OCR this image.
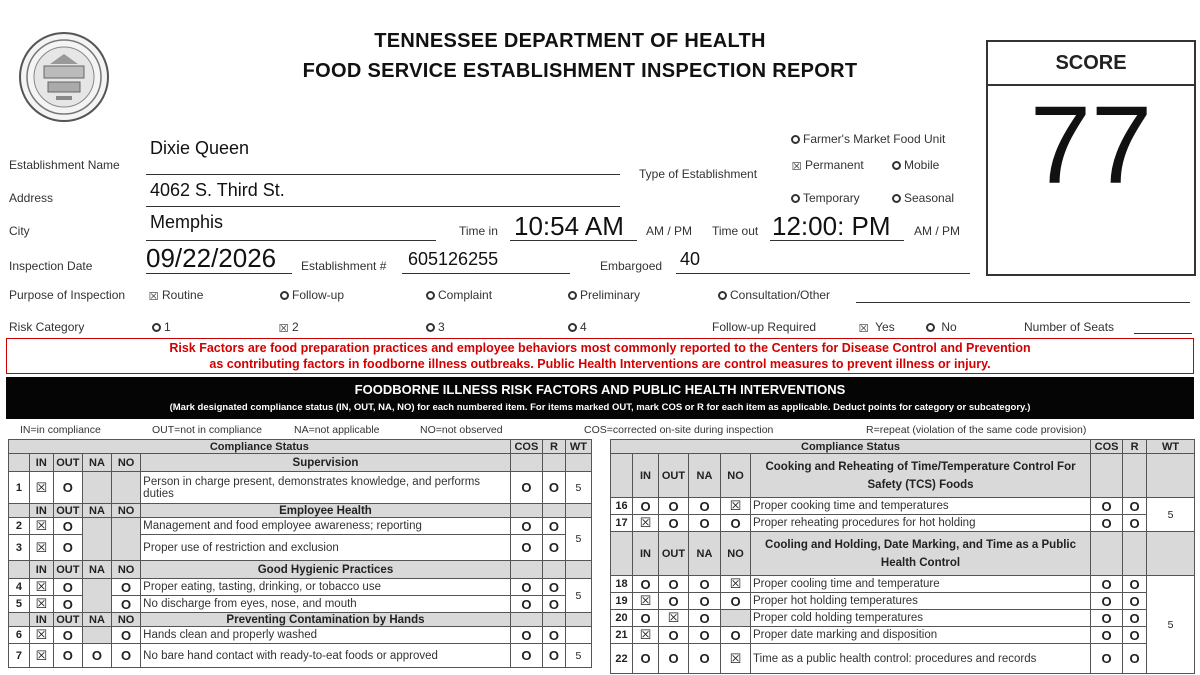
TENNESSEE DEPARTMENT OF HEALTH
FOOD SERVICE ESTABLISHMENT INSPECTION REPORT	SCORE
77
Establishment Name
Dixie Queen
Address	4062 S. Third St.
City	Memphis	Time in 10:54 AM AM / PM Time out 12:00: PM AM / PM
Inspection Date 09/22/2026 Establishment # 605126255	Embargoed 40
Type of Establishment
Farmer's Market Food Unit
☒ Permanent	Mobile
Temporary	Seasonal
Purpose of Inspection ☒ Routine	Follow-up	Complaint	Preliminary	Consultation/Other
Risk Category	1	☒ 2	3	4	Follow-up Required	☒ Yes	No	Number of Seats
Risk Factors are food preparation practices and employee behaviors most commonly reported to the Centers for Disease Control and Prevention
as contributing factors in foodborne illness outbreaks. Public Health Interventions are control measures to prevent illness or injury.
FOODBORNE ILLNESS RISK FACTORS AND PUBLIC HEALTH INTERVENTIONS
(Mark designated compliance status (IN, OUT, NA, NO) for each numbered item. For items marked OUT, mark COS or R for each item as applicable. Deduct points for category or subcategory.)
IN=in compliance	OUT=not in compliance	NA=not applicable	NO=not observed	COS=corrected on-site during inspection	R=repeat (violation of the same code provision)
Compliance Status						COS	R	WT
	IN	OUT	NA	NO	Supervision			
1	☒	O			Person in charge present, demonstrates knowledge, and performs duties	O	O	5
	IN	OUT	NA	NO	Employee Health			
2	☒	O			Management and food employee awareness; reporting	O	O	5
3	☒	O			Proper use of restriction and exclusion	O	O	
	IN	OUT	NA	NO	Good Hygienic Practices			
4	☒	O		O	Proper eating, tasting, drinking, or tobacco use	O	O	5
5	☒	O		O	No discharge from eyes, nose, and mouth	O	O	
	IN	OUT	NA	NO	Preventing Contamination by Hands			
6	☒	O		O	Hands clean and properly washed	O	O	
7	☒	O	O	O	No bare hand contact with ready-to-eat foods or approved	O	O	5
Compliance Status						COS	R	WT
	IN	OUT	NA	NO	Cooking and Reheating of Time/Temperature Control For Safety (TCS) Foods			
16	O	O	O	☒	Proper cooking time and temperatures	O	O	5
17	☒	O	O	O	Proper reheating procedures for hot holding	O	O	
	IN	OUT	NA	NO	Cooling and Holding, Date Marking, and Time as a Public Health Control			
18	O	O	O	☒	Proper cooling time and temperature	O	O	5
19	☒	O	O	O	Proper hot holding temperatures	O	O	
20	O	☒	O		Proper cold holding temperatures	O	O	
21	☒	O	O	O	Proper date marking and disposition	O	O	
22	O	O	O	☒	Time as a public health control: procedures and records	O	O	
